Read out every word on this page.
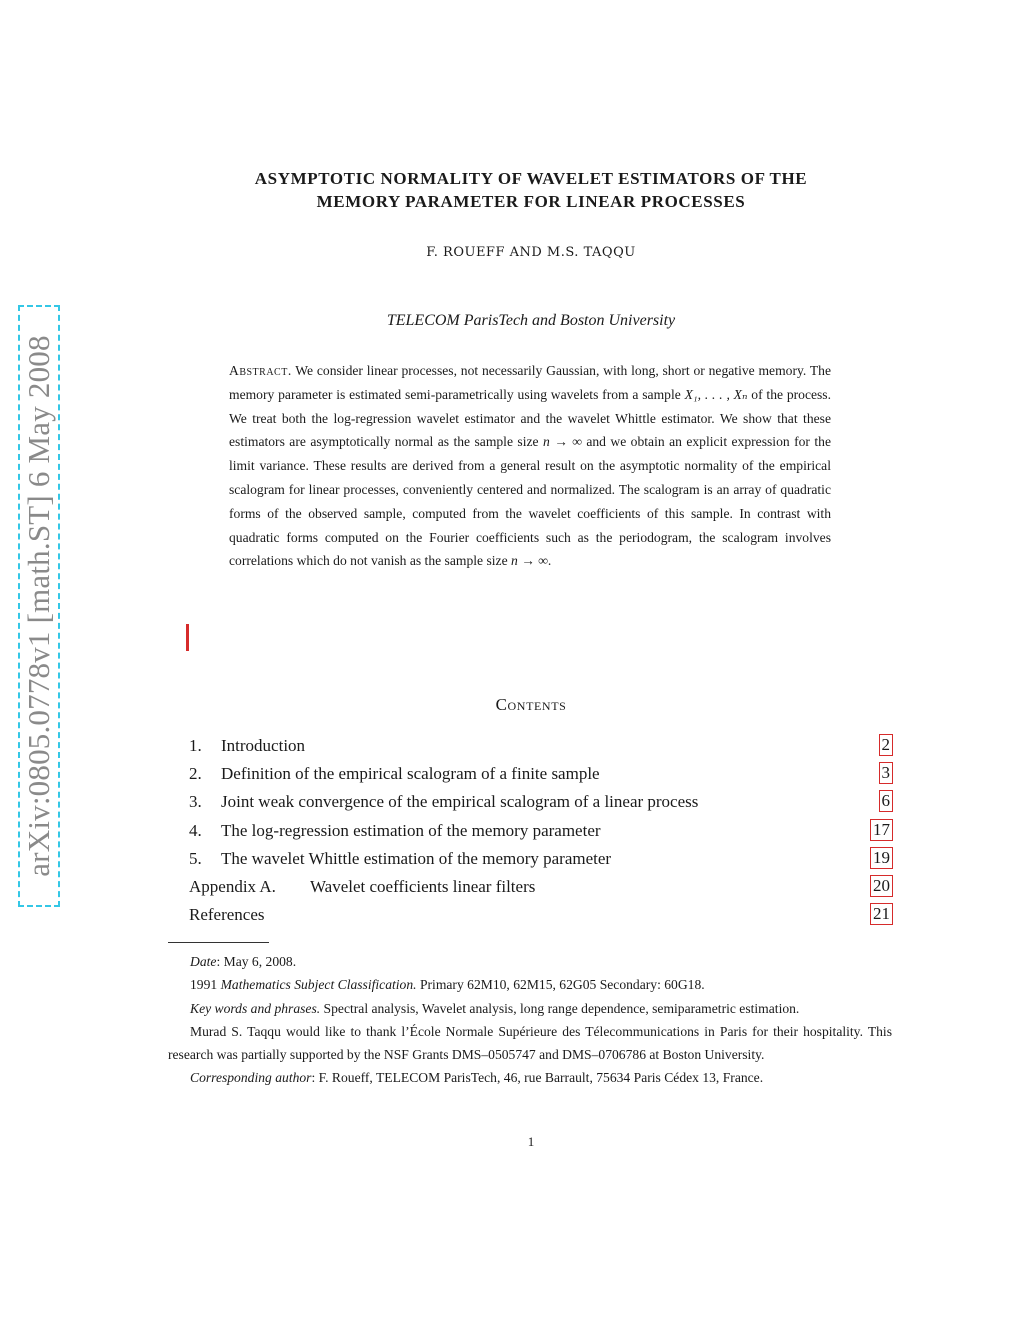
arXiv:0805.0778v1 [math.ST] 6 May 2008
ASYMPTOTIC NORMALITY OF WAVELET ESTIMATORS OF THE
MEMORY PARAMETER FOR LINEAR PROCESSES
F. ROUEFF AND M.S. TAQQU
TELECOM ParisTech and Boston University
Abstract. We consider linear processes, not necessarily Gaussian, with long, short or negative memory. The memory parameter is estimated semi-parametrically using wavelets from a sample X₁, . . . , Xₙ of the process. We treat both the log-regression wavelet estimator and the wavelet Whittle estimator. We show that these estimators are asymptotically normal as the sample size n → ∞ and we obtain an explicit expression for the limit variance. These results are derived from a general result on the asymptotic normality of the empirical scalogram for linear processes, conveniently centered and normalized. The scalogram is an array of quadratic forms of the observed sample, computed from the wavelet coefficients of this sample. In contrast with quadratic forms computed on the Fourier coefficients such as the periodogram, the scalogram involves correlations which do not vanish as the sample size n → ∞.
Contents
1. Introduction	2
2. Definition of the empirical scalogram of a finite sample	3
3. Joint weak convergence of the empirical scalogram of a linear process	6
4. The log-regression estimation of the memory parameter	17
5. The wavelet Whittle estimation of the memory parameter	19
Appendix A. Wavelet coefficients linear filters	20
References	21

Date: May 6, 2008.

1991 Mathematics Subject Classification. Primary 62M10, 62M15, 62G05 Secondary: 60G18.

Key words and phrases. Spectral analysis, Wavelet analysis, long range dependence, semiparametric estimation.

Murad S. Taqqu would like to thank l’École Normale Supérieure des Télecommunications in Paris for their hospitality. This research was partially supported by the NSF Grants DMS–0505747 and DMS–0706786 at Boston University.

Corresponding author: F. Roueff, TELECOM ParisTech, 46, rue Barrault, 75634 Paris Cédex 13, France.

1
